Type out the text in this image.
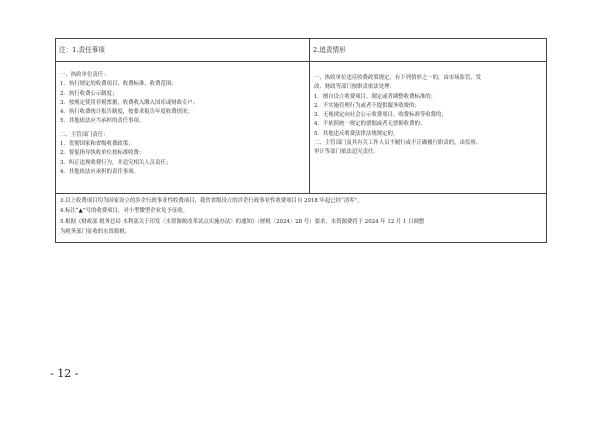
注：1.责任事项	2.追责情形
一、执收单位责任：
1．执行规定的收费项目、收费标准、收费范围；
2．执行收费公示制度；
3．按规定使用非税票据，收费收入缴入国库或财政专户；
4．执行收费统计报告制度，按要求报告年度收费情况；
5．其他依法应当承担的责任事项。
二、主管部门责任：
1．贯彻国家和省级收费政策；
2．督促指导执收单位按标准收费；
3．纠正违规收费行为，并追究相关人员责任；
4．其他依法应承担的责任事项。
一、执收单位违反收费政策规定，有下列情形之一的，由市场监管、发
改、财政等部门按职责依法处理：
1．擅自设立收费项目、制定或者调整收费标准的；
2．不实施管理行为或者不提供服务收费的；
3．无视规定向社会公示收费项目、收费标准等收费的；
4．不依照统一规定的票据或者无票据收费的；
5．其他违反收费法律法规规定的。
二、主管部门及其有关工作人员不履行或不正确履行职责的，由监察、
审计等部门依法追究责任。
3.以上收费项目均为国家设立的涉企行政事业性收费项目，我省省级设立的涉企行政事业性收费项目自 2018 年起已经“清零”。
4.标注“▲”号的收费项目，对小型微型企业免予征收。
5.根据《财政部 税务总局 水利部关于印发〈水资源税改革试点实施办法〉的通知》（财税〔2024〕28 号）要求，水资源费将于 2024 年 12 月 1 日调整
为税务部门征收的水资源税。
- 12 -
